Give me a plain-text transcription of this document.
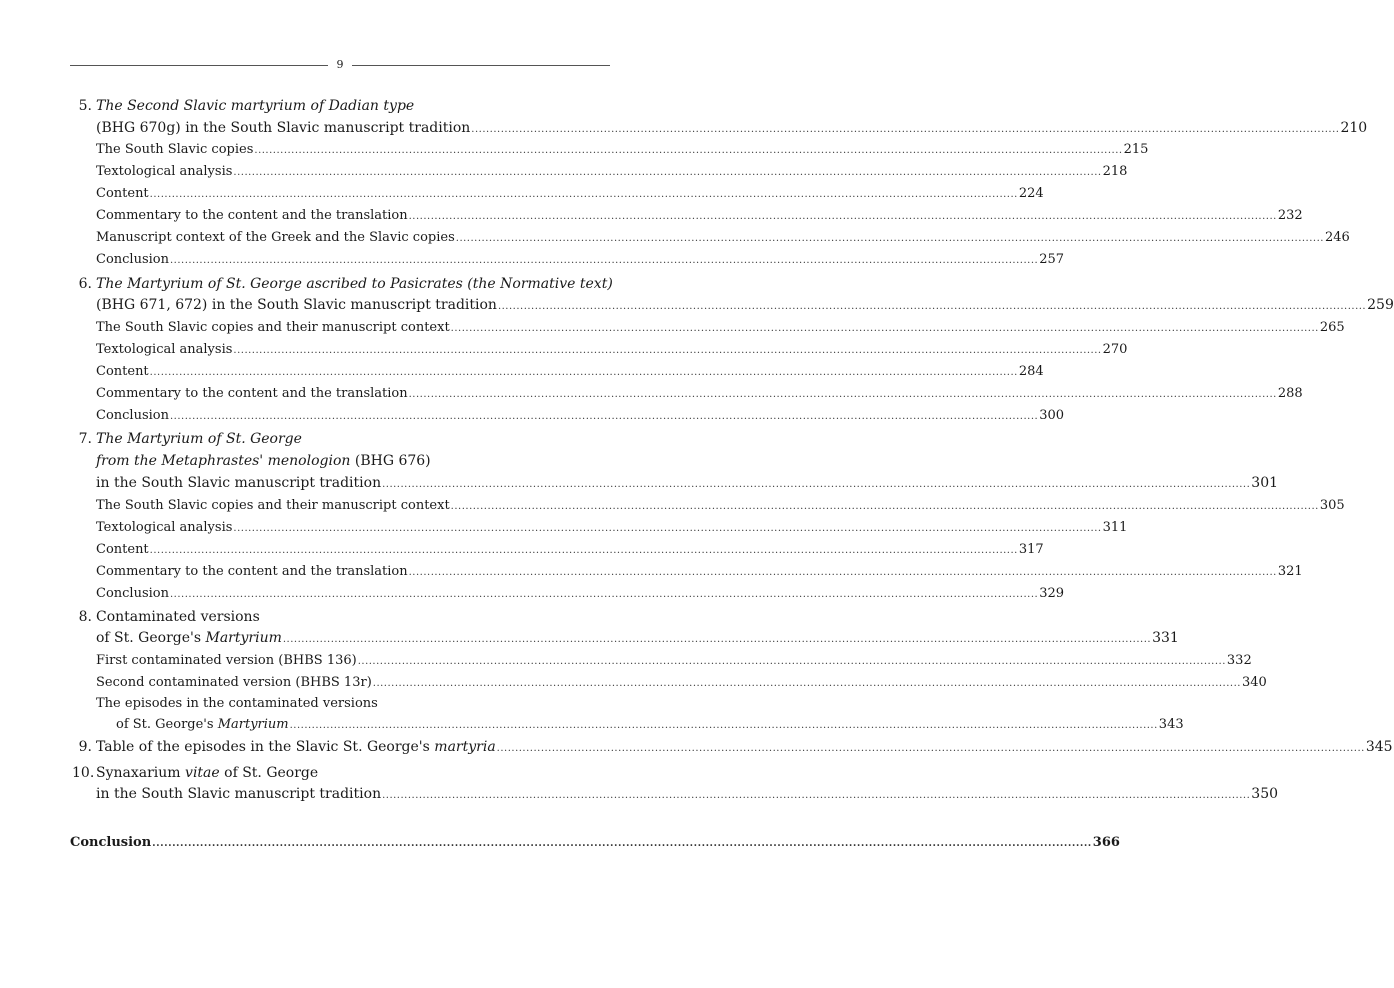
9
5. The Second Slavic martyrium of Dadian type
(BHG 670g) in the South Slavic manuscript tradition ............................................................................................................................................................................................................................................ 210
The South Slavic copies ............................................................................................................................................................................................................................................ 215
Textological analysis ............................................................................................................................................................................................................................................ 218
Content ............................................................................................................................................................................................................................................ 224
Commentary to the content and the translation ............................................................................................................................................................................................................................................ 232
Manuscript context of the Greek and the Slavic copies ............................................................................................................................................................................................................................................ 246
Conclusion ............................................................................................................................................................................................................................................ 257
6. The Martyrium of St. George ascribed to Pasicrates (the Normative text)
(BHG 671, 672) in the South Slavic manuscript tradition ............................................................................................................................................................................................................................................ 259
The South Slavic copies and their manuscript context ............................................................................................................................................................................................................................................ 265
Textological analysis ............................................................................................................................................................................................................................................ 270
Content ............................................................................................................................................................................................................................................ 284
Commentary to the content and the translation ............................................................................................................................................................................................................................................ 288
Conclusion ............................................................................................................................................................................................................................................ 300
7. The Martyrium of St. George
from the Metaphrastes' menologion (BHG 676)
in the South Slavic manuscript tradition ............................................................................................................................................................................................................................................ 301
The South Slavic copies and their manuscript context ............................................................................................................................................................................................................................................ 305
Textological analysis ............................................................................................................................................................................................................................................ 311
Content ............................................................................................................................................................................................................................................ 317
Commentary to the content and the translation ............................................................................................................................................................................................................................................ 321
Conclusion ............................................................................................................................................................................................................................................ 329
8. Contaminated versions
of St. George's Martyrium ............................................................................................................................................................................................................................................ 331
First contaminated version (BHBS 136) ............................................................................................................................................................................................................................................ 332
Second contaminated version (BHBS 13r) ............................................................................................................................................................................................................................................ 340
The episodes in the contaminated versions
of St. George's Martyrium ............................................................................................................................................................................................................................................ 343
9. Table of the episodes in the Slavic St. George's martyria ............................................................................................................................................................................................................................................ 345
10. Synaxarium vitae of St. George
in the South Slavic manuscript tradition ............................................................................................................................................................................................................................................ 350
Conclusion ............................................................................................................................................................................................................................................ 366
